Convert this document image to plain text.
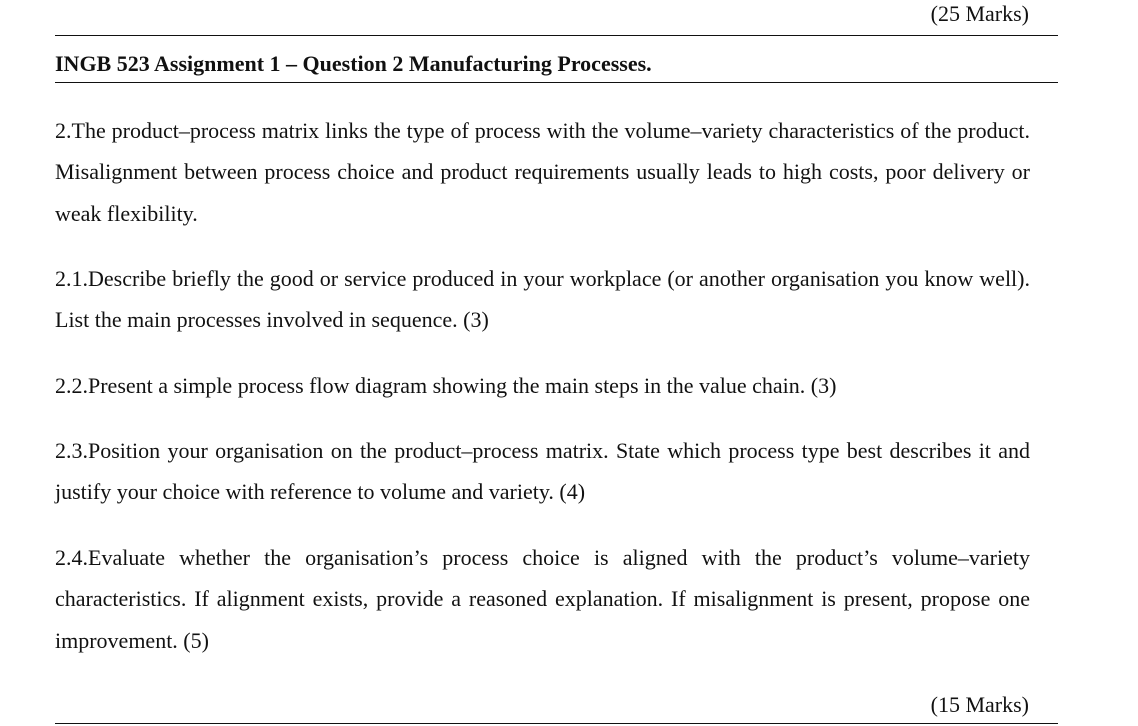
(25 Marks)
INGB 523 Assignment 1 – Question 2 Manufacturing Processes.

2.The product–process matrix links the type of process with the volume–variety characteristics of the product. Misalignment between process choice and product requirements usually leads to high costs, poor delivery or weak flexibility.

2.1.Describe briefly the good or service produced in your workplace (or another organisation you know well). List the main processes involved in sequence. (3)

2.2.Present a simple process flow diagram showing the main steps in the value chain. (3)

2.3.Position your organisation on the product–process matrix. State which process type best describes it and justify your choice with reference to volume and variety. (4)

2.4.Evaluate whether the organisation’s process choice is aligned with the product’s volume–variety characteristics. If alignment exists, provide a reasoned explanation. If misalignment is present, propose one improvement. (5)

(15 Marks)
